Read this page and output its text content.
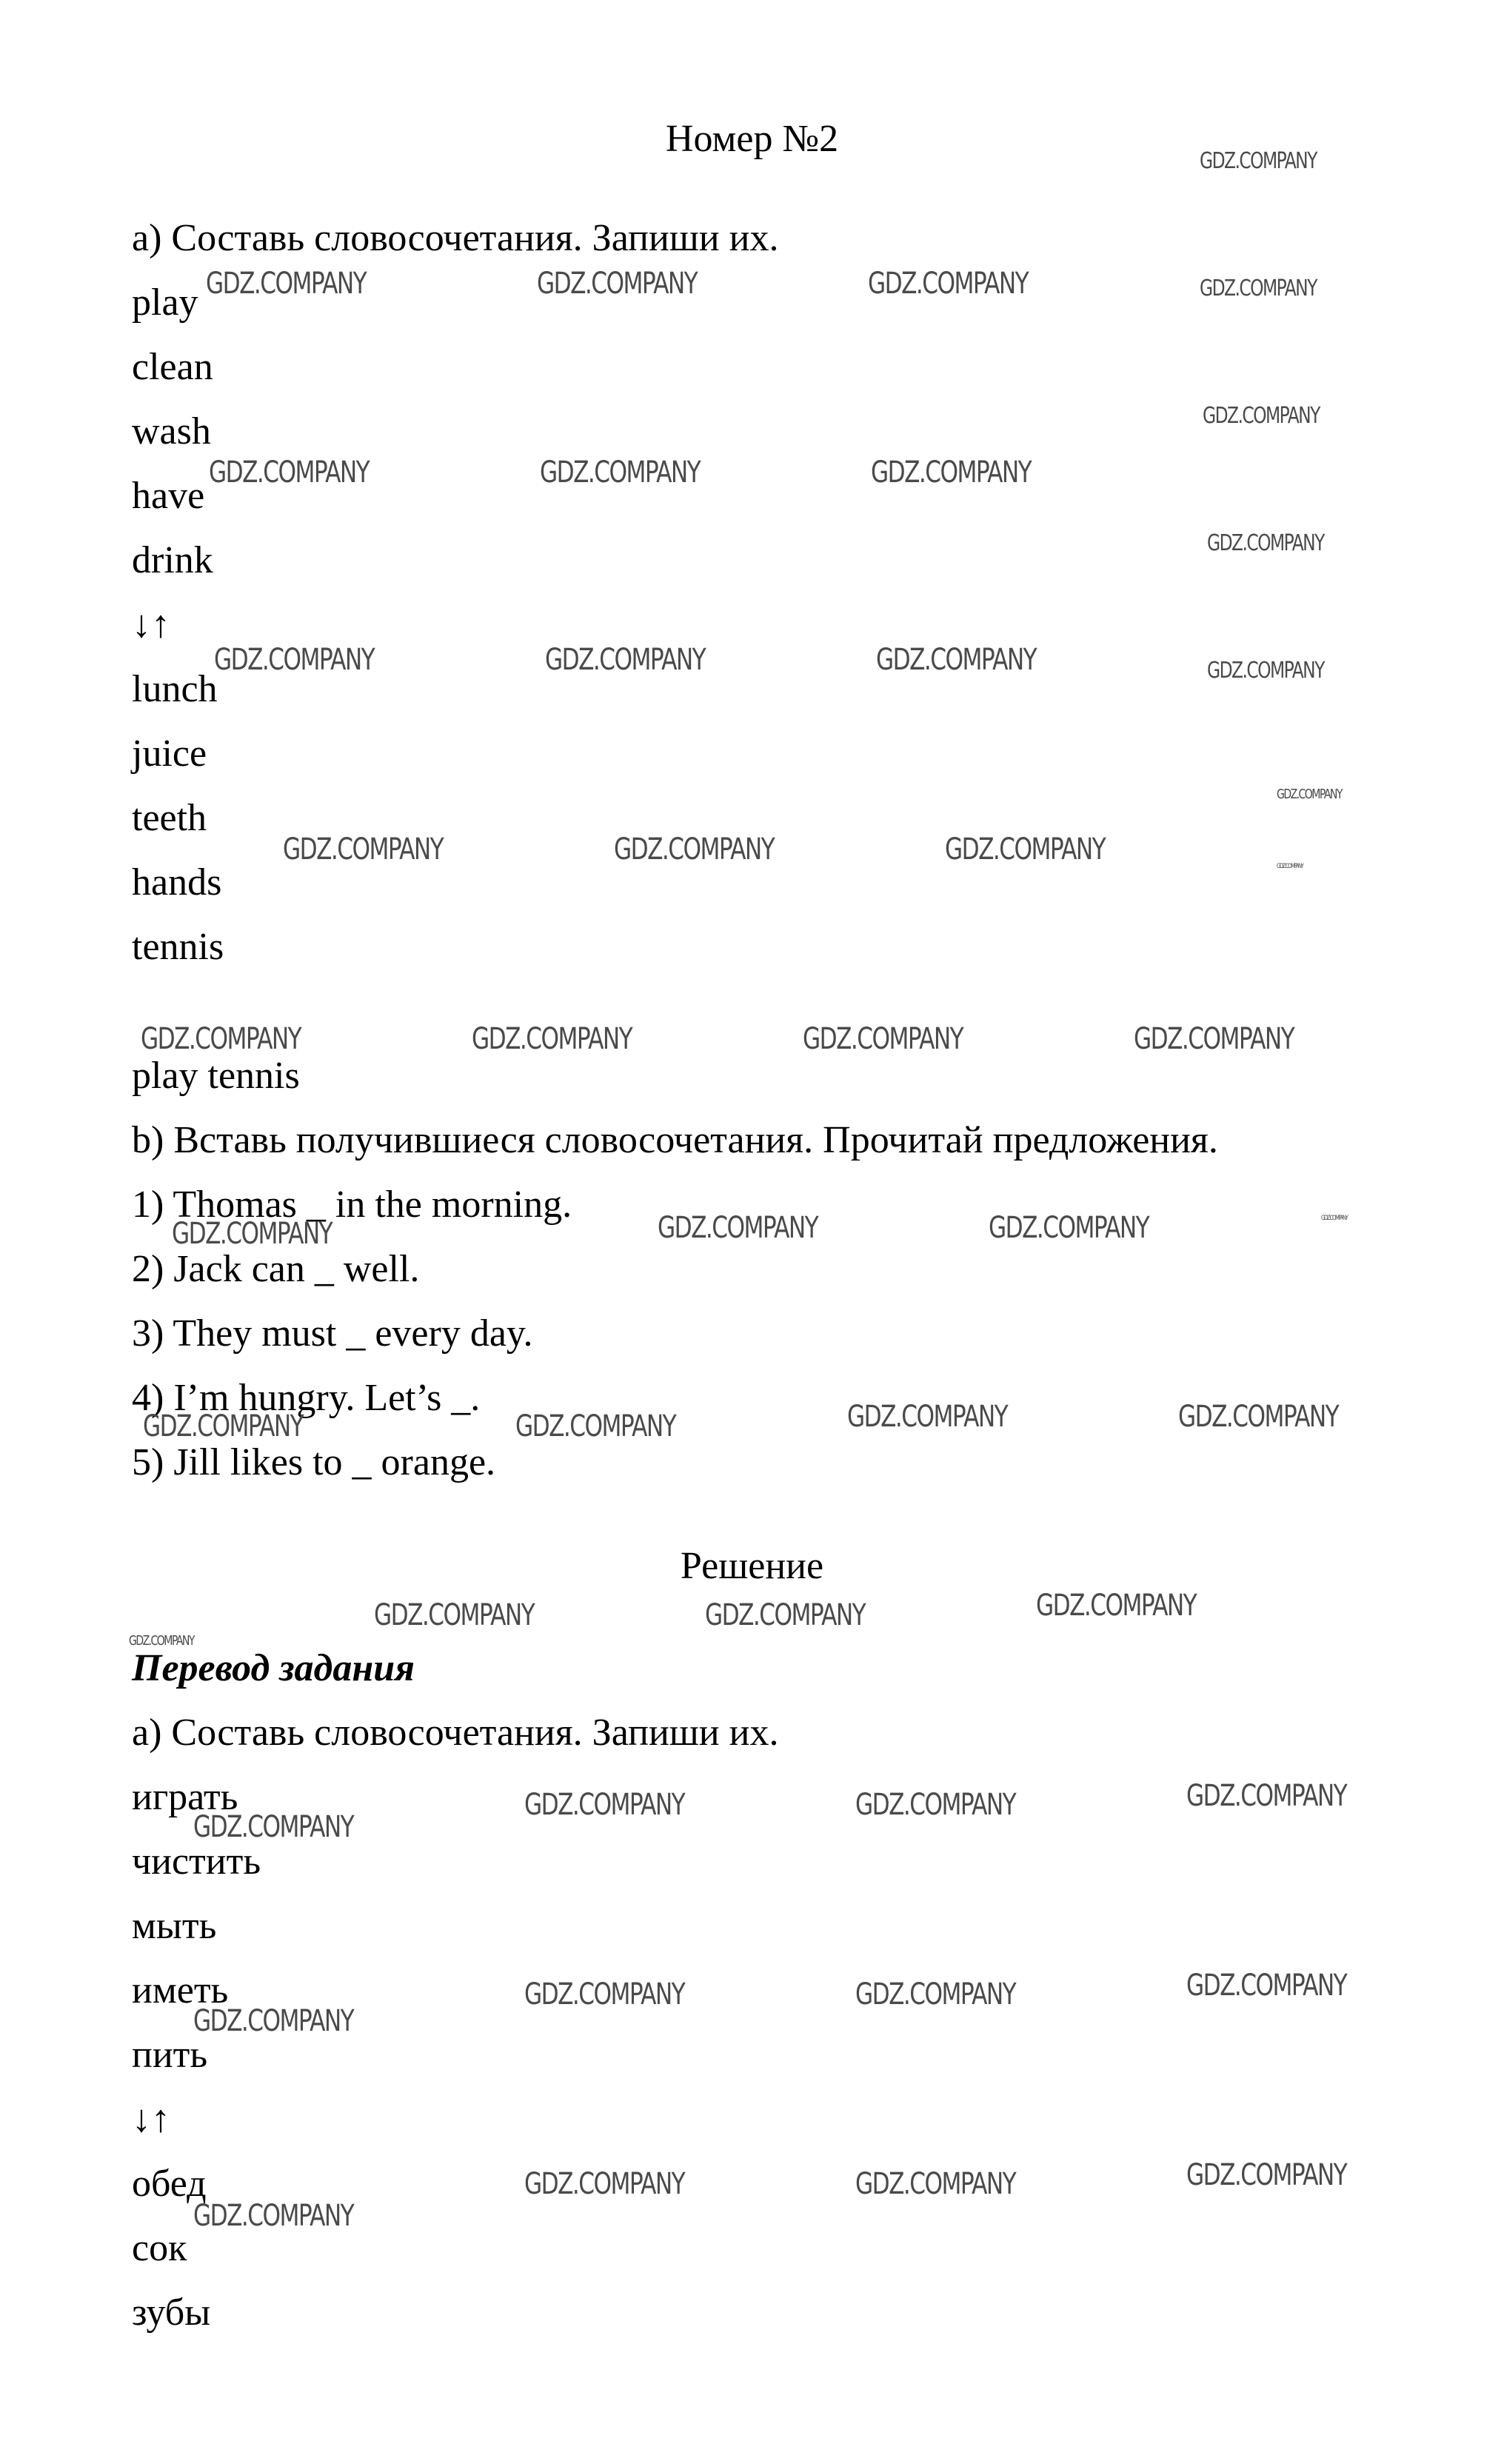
Номер №2
a) Составь словосочетания. Запиши их.
play
clean
wash
have
drink
↓↑
lunch
juice
teeth
hands
tennis
play tennis
b) Вставь получившиеся словосочетания. Прочитай предложения.
1) Thomas _ in the morning.
2) Jack can _ well.
3) They must _ every day.
4) I’m hungry. Let’s _.
5) Jill likes to _ orange.
Решение
Перевод задания
а) Составь словосочетания. Запиши их.
играть
чистить
мыть
иметь
пить
↓↑
обед
сок
зубы
GDZ.COMPANY
GDZ.COMPANY	GDZ.COMPANY	GDZ.COMPANY	GDZ.COMPANY
GDZ.COMPANY
GDZ.COMPANY	GDZ.COMPANY	GDZ.COMPANY
GDZ.COMPANY
GDZ.COMPANY	GDZ.COMPANY	GDZ.COMPANY	GDZ.COMPANY
GDZ.COMPANY
GDZ.COMPANY	GDZ.COMPANY	GDZ.COMPANY	GDZ.COMPANY
GDZ.COMPANY	GDZ.COMPANY	GDZ.COMPANY	GDZ.COMPANY
GDZ.COMPANY	GDZ.COMPANY	GDZ.COMPANY	GDZ.COMPANY
GDZ.COMPANY	GDZ.COMPANY	GDZ.COMPANY	GDZ.COMPANY
GDZ.COMPANY
GDZ.COMPANY	GDZ.COMPANY	GDZ.COMPANY
GDZ.COMPANY
GDZ.COMPANY	GDZ.COMPANY	GDZ.COMPANY
GDZ.COMPANY
GDZ.COMPANY	GDZ.COMPANY	GDZ.COMPANY
GDZ.COMPANY
GDZ.COMPANY	GDZ.COMPANY	GDZ.COMPANY
